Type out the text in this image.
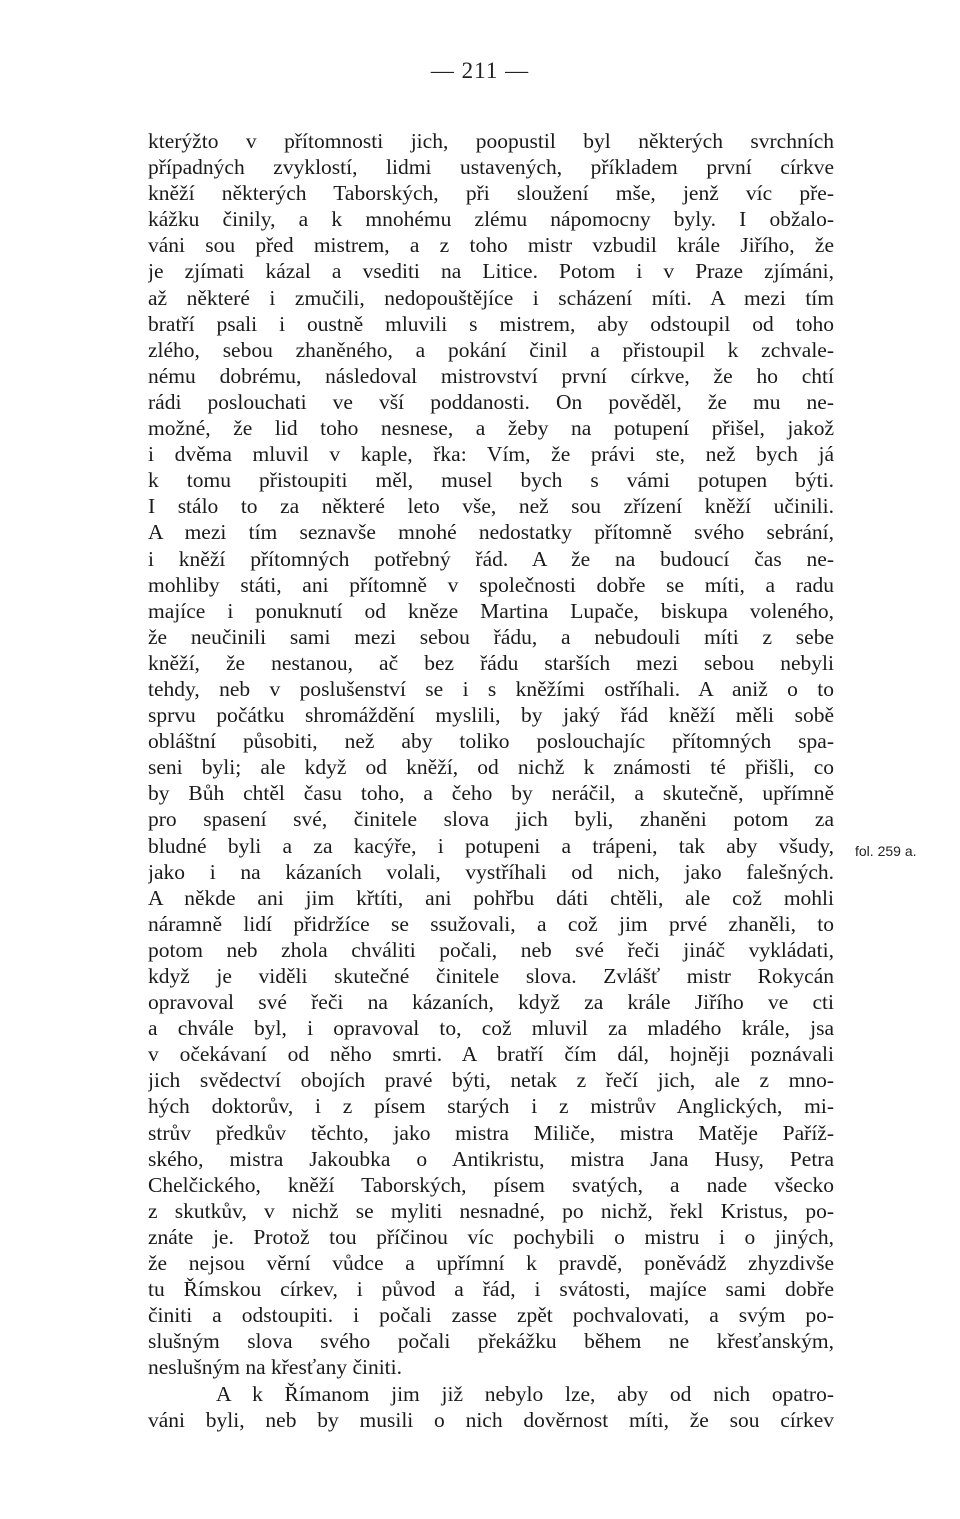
— 211 —
fol. 259 a.
kterýžto v přítomnosti jich, poopustil byl některých svrchních
případných zvyklostí, lidmi ustavených, příkladem první církve
kněží některých Taborských, při sloužení mše, jenž víc pře-
kážku činily, a k mnohému zlému nápomocny byly. I obžalo-
váni sou před mistrem, a z toho mistr vzbudil krále Jiřího, že
je zjímati kázal a vsediti na Litice. Potom i v Praze zjímáni,
až některé i zmučili, nedopouštějíce i scházení míti. A mezi tím
bratří psali i oustně mluvili s mistrem, aby odstoupil od toho
zlého, sebou zhaněného, a pokání činil a přistoupil k zchvale-
nému dobrému, následoval mistrovství první církve, že ho chtí
rádi poslouchati ve vší poddanosti. On pověděl, že mu ne-
možné, že lid toho nesnese, a žeby na potupení přišel, jakož
i dvěma mluvil v kaple, řka: Vím, že právi ste, než bych já
k tomu přistoupiti měl, musel bych s vámi potupen býti.
I stálo to za některé leto vše, než sou zřízení kněží učinili.
A mezi tím seznavše mnohé nedostatky přítomně svého sebrání,
i kněží přítomných potřebný řád. A že na budoucí čas ne-
mohliby státi, ani přítomně v společnosti dobře se míti, a radu
majíce i ponuknutí od kněze Martina Lupače, biskupa voleného,
že neučinili sami mezi sebou řádu, a nebudouli míti z sebe
kněží, že nestanou, ač bez řádu starších mezi sebou nebyli
tehdy, neb v poslušenství se i s kněžími ostříhali. A aniž o to
sprvu počátku shromáždění myslili, by jaký řád kněží měli sobě
obláštní působiti, než aby toliko poslouchajíc přítomných spa-
seni byli; ale když od kněží, od nichž k známosti té přišli, co
by Bůh chtěl času toho, a čeho by neráčil, a skutečně, upřímně
pro spasení své, činitele slova jich byli, zhaněni potom za
bludné byli a za kacýře, i potupeni a trápeni, tak aby všudy,
jako i na kázaních volali, vystříhali od nich, jako falešných.
A někde ani jim křtíti, ani pohřbu dáti chtěli, ale což mohli
náramně lidí přidržíce se ssužovali, a což jim prvé zhaněli, to
potom neb zhola chváliti počali, neb své řeči jináč vykládati,
když je viděli skutečné činitele slova. Zvlášť mistr Rokycán
opravoval své řeči na kázaních, když za krále Jiřího ve cti
a chvále byl, i opravoval to, což mluvil za mladého krále, jsa
v očekávaní od něho smrti. A bratří čím dál, hojněji poznávali
jich svědectví obojích pravé býti, netak z řečí jich, ale z mno-
hých doktorův, i z písem starých i z mistrův Anglických, mi-
strův předkův těchto, jako mistra Miliče, mistra Matěje Paříž-
ského, mistra Jakoubka o Antikristu, mistra Jana Husy, Petra
Chelčického, kněží Taborských, písem svatých, a nade všecko
z skutkův, v nichž se myliti nesnadné, po nichž, řekl Kristus, po-
znáte je. Protož tou příčinou víc pochybili o mistru i o jiných,
že nejsou věrní vůdce a upřímní k pravdě, poněvádž zhyzdivše
tu Římskou církev, i původ a řád, i svátosti, majíce sami dobře
činiti a odstoupiti. i počali zasse zpět pochvalovati, a svým po-
slušným slova svého počali překážku během ne křesťanským,
neslušným na křesťany činiti.
A k Římanom jim již nebylo lze, aby od nich opatro-
váni byli, neb by musili o nich dověrnost míti, že sou církev
